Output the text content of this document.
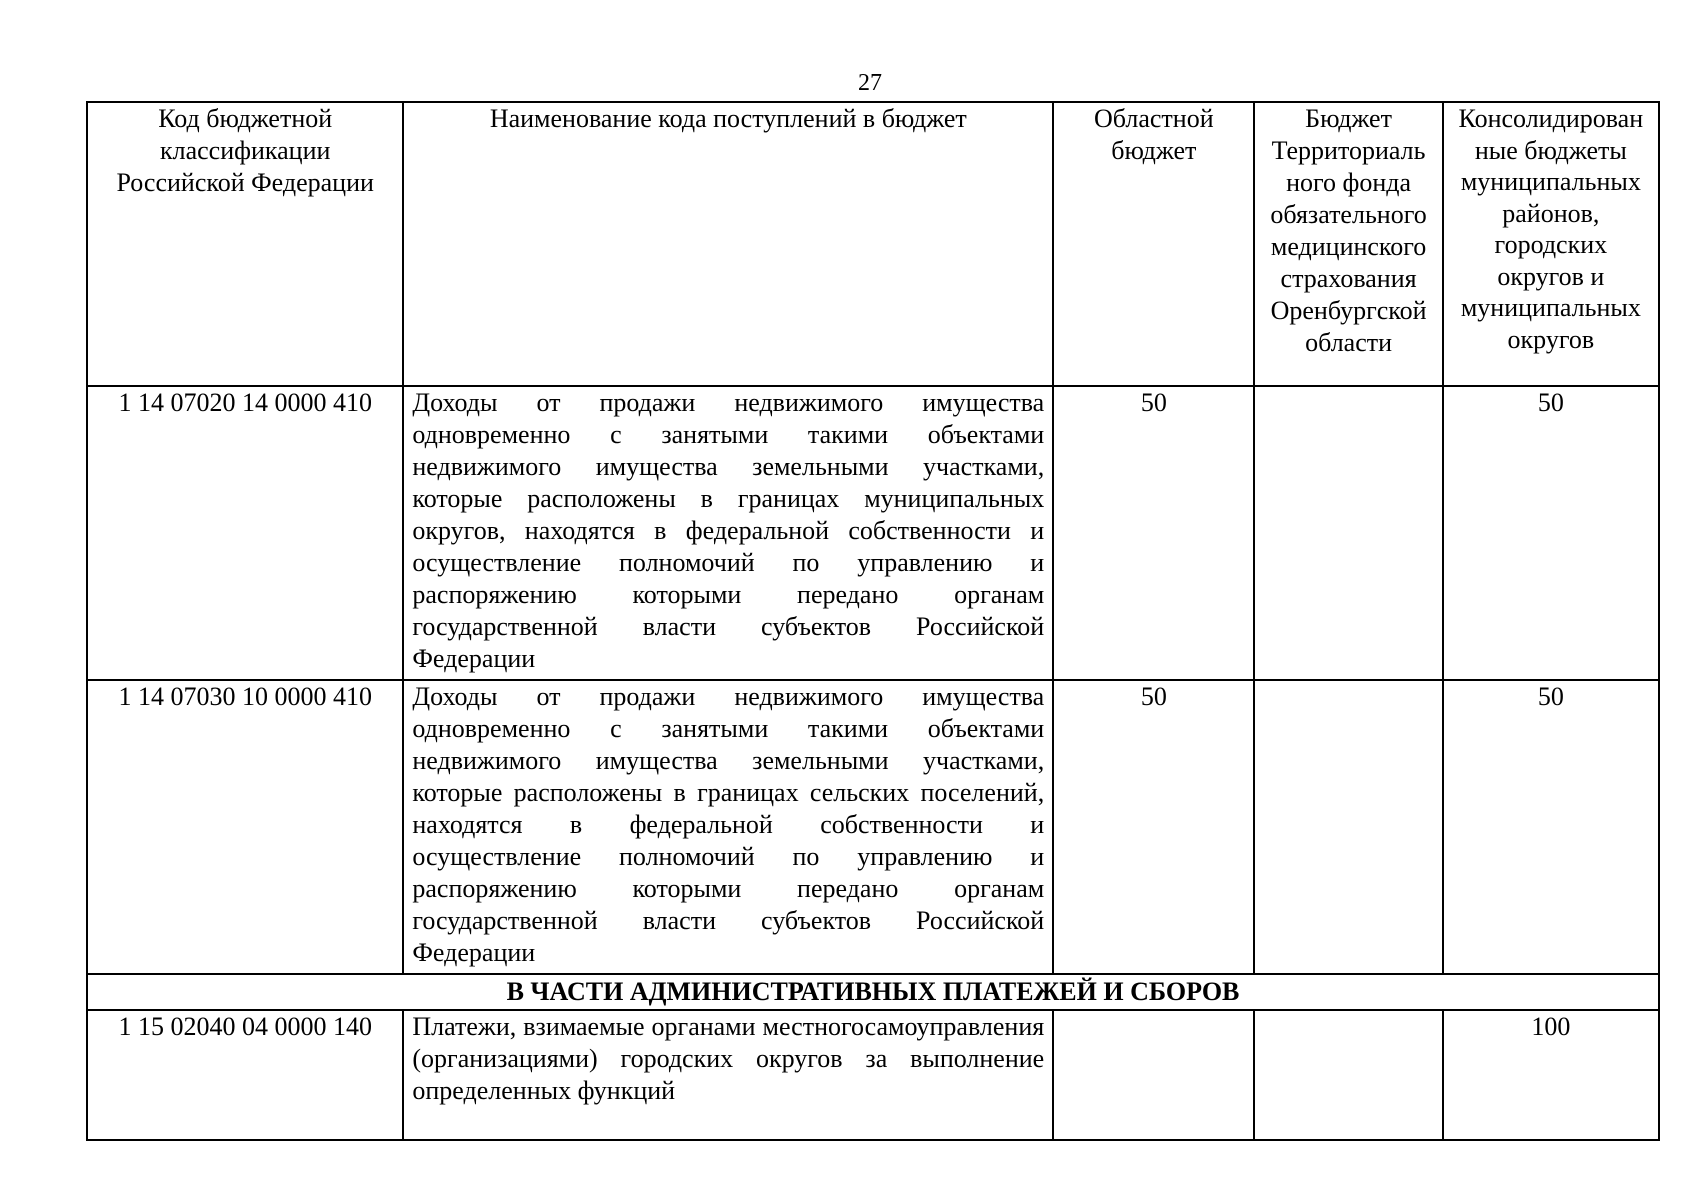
27
Код бюджетной классификации Российской Федерации	Наименование кода поступлений в бюджет	Областной бюджет	Бюджет Территориаль ного фонда обязательного медицинского страхования Оренбургской области	Консолидирован ные бюджеты муниципальных районов, городских округов и муниципальных округов
1 14 07020 14 0000 410	Доходы от продажи недвижимого имущества одновременно с занятыми такими объектами недвижимого имущества земельными участками, которые расположены в границах муниципальных округов, находятся в федеральной собственности и осуществление полномочий по управлению и распоряжению которыми передано органам государственной власти субъектов Российской Федерации	50		50
1 14 07030 10 0000 410	Доходы от продажи недвижимого имущества одновременно с занятыми такими объектами недвижимого имущества земельными участками, которые расположены в границах сельских поселений, находятся в федеральной собственности и осуществление полномочий по управлению и распоряжению которыми передано органам государственной власти субъектов Российской Федерации	50		50
В ЧАСТИ АДМИНИСТРАТИВНЫХ ПЛАТЕЖЕЙ И СБОРОВ				
1 15 02040 04 0000 140	Платежи, взимаемые органами местногосамоуправления (организациями) городских округов за выполнение определенных функций			100
